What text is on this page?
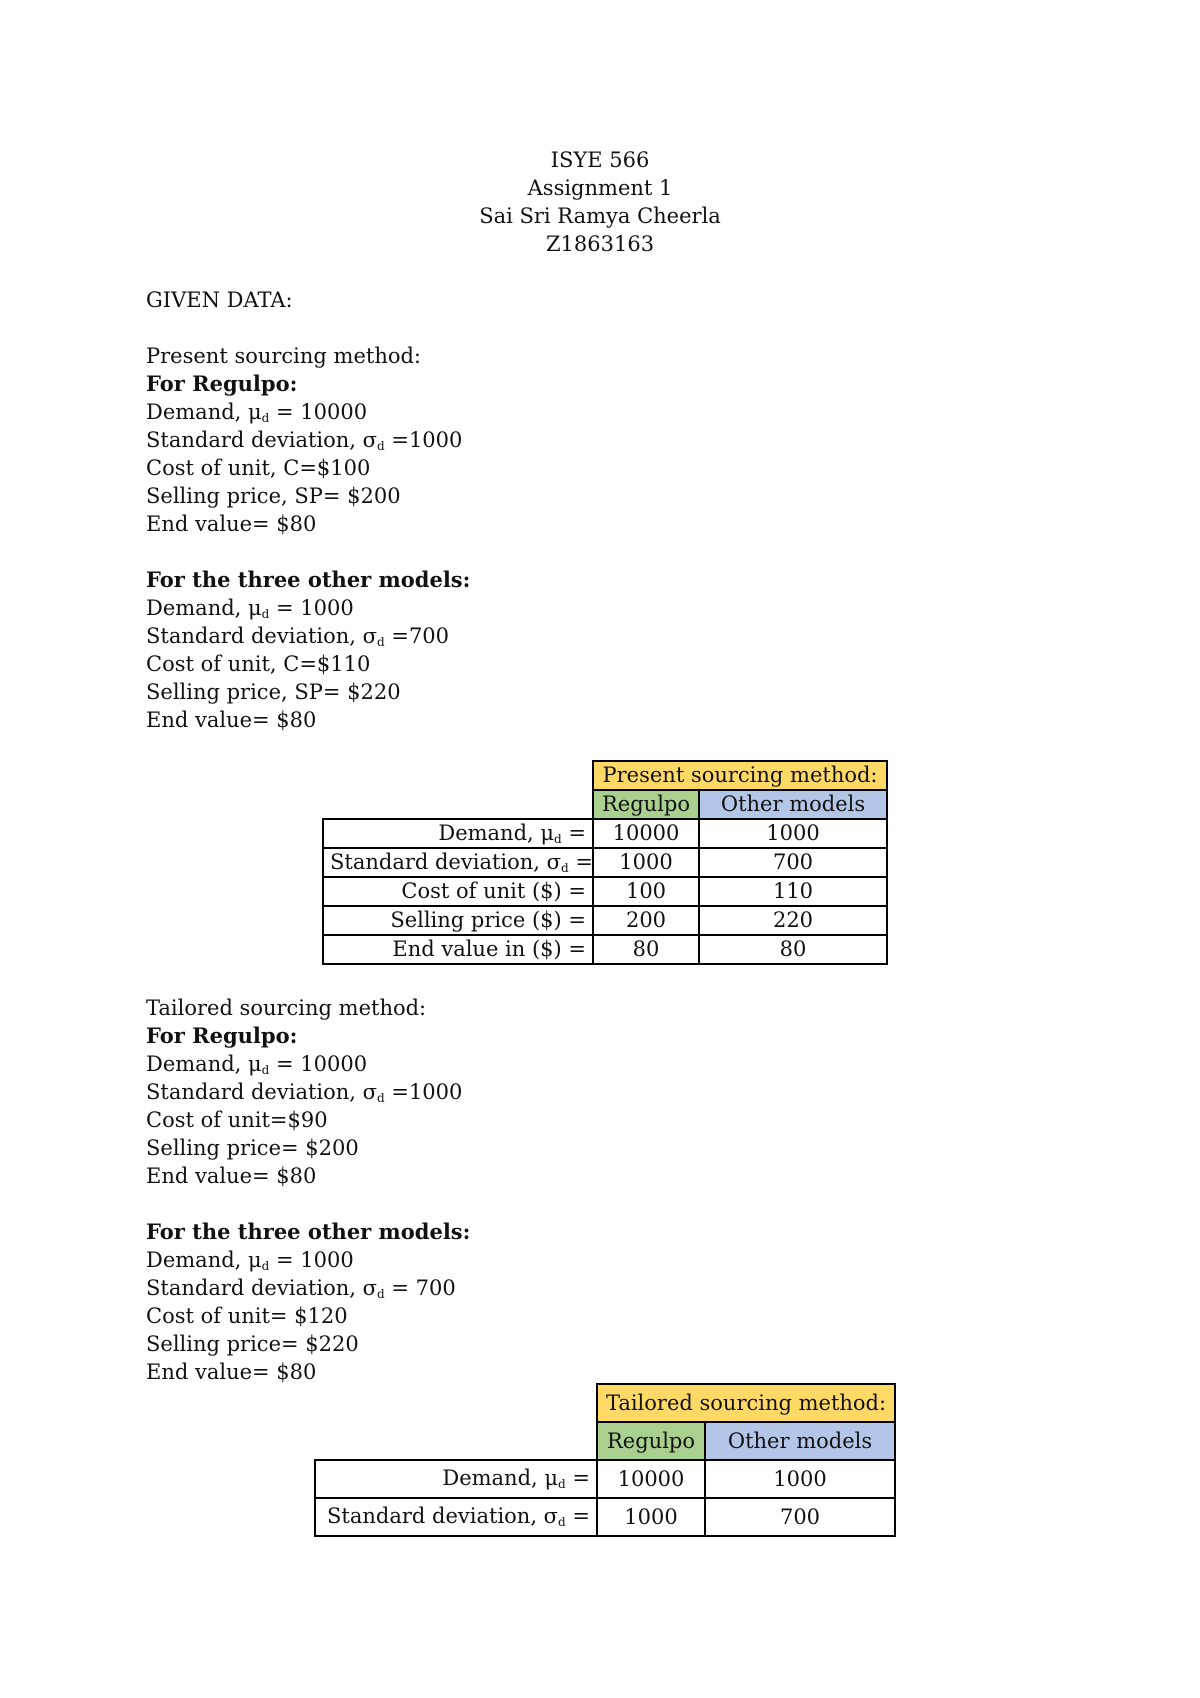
ISYE 566
Assignment 1
Sai Sri Ramya Cheerla
Z1863163
GIVEN DATA:
Present sourcing method:
For Regulpo:
Demand, $\mu_d = 10000$
Standard deviation, $\sigma_d =1000$
Cost of unit, C=$100
Selling price, SP= $200
End value= $80
For the three other models:
Demand, $\mu_d = 1000$
Standard deviation, $\sigma_d =700$
Cost of unit, C=$110
Selling price, SP= $220
End value= $80
	Present sourcing method:	
	Regulpo	Other models
Demand, $\mu_d$ =	10000	1000
Standard deviation, $\sigma_d$ =	1000	700
Cost of unit ($) =	100	110
Selling price ($) =	200	220
End value in ($) =	80	80
Tailored sourcing method:
For Regulpo:
Demand, $\mu_d = 10000$
Standard deviation, $\sigma_d =1000$
Cost of unit=$90
Selling price= $200
End value= $80
For the three other models:
Demand, $\mu_d = 1000$
Standard deviation, $\sigma_d = 700$
Cost of unit= $120
Selling price= $220
End value= $80
	Tailored sourcing method:	
	Regulpo	Other models
Demand, $\mu_d$ =	10000	1000
Standard deviation, $\sigma_d$ =	1000	700
